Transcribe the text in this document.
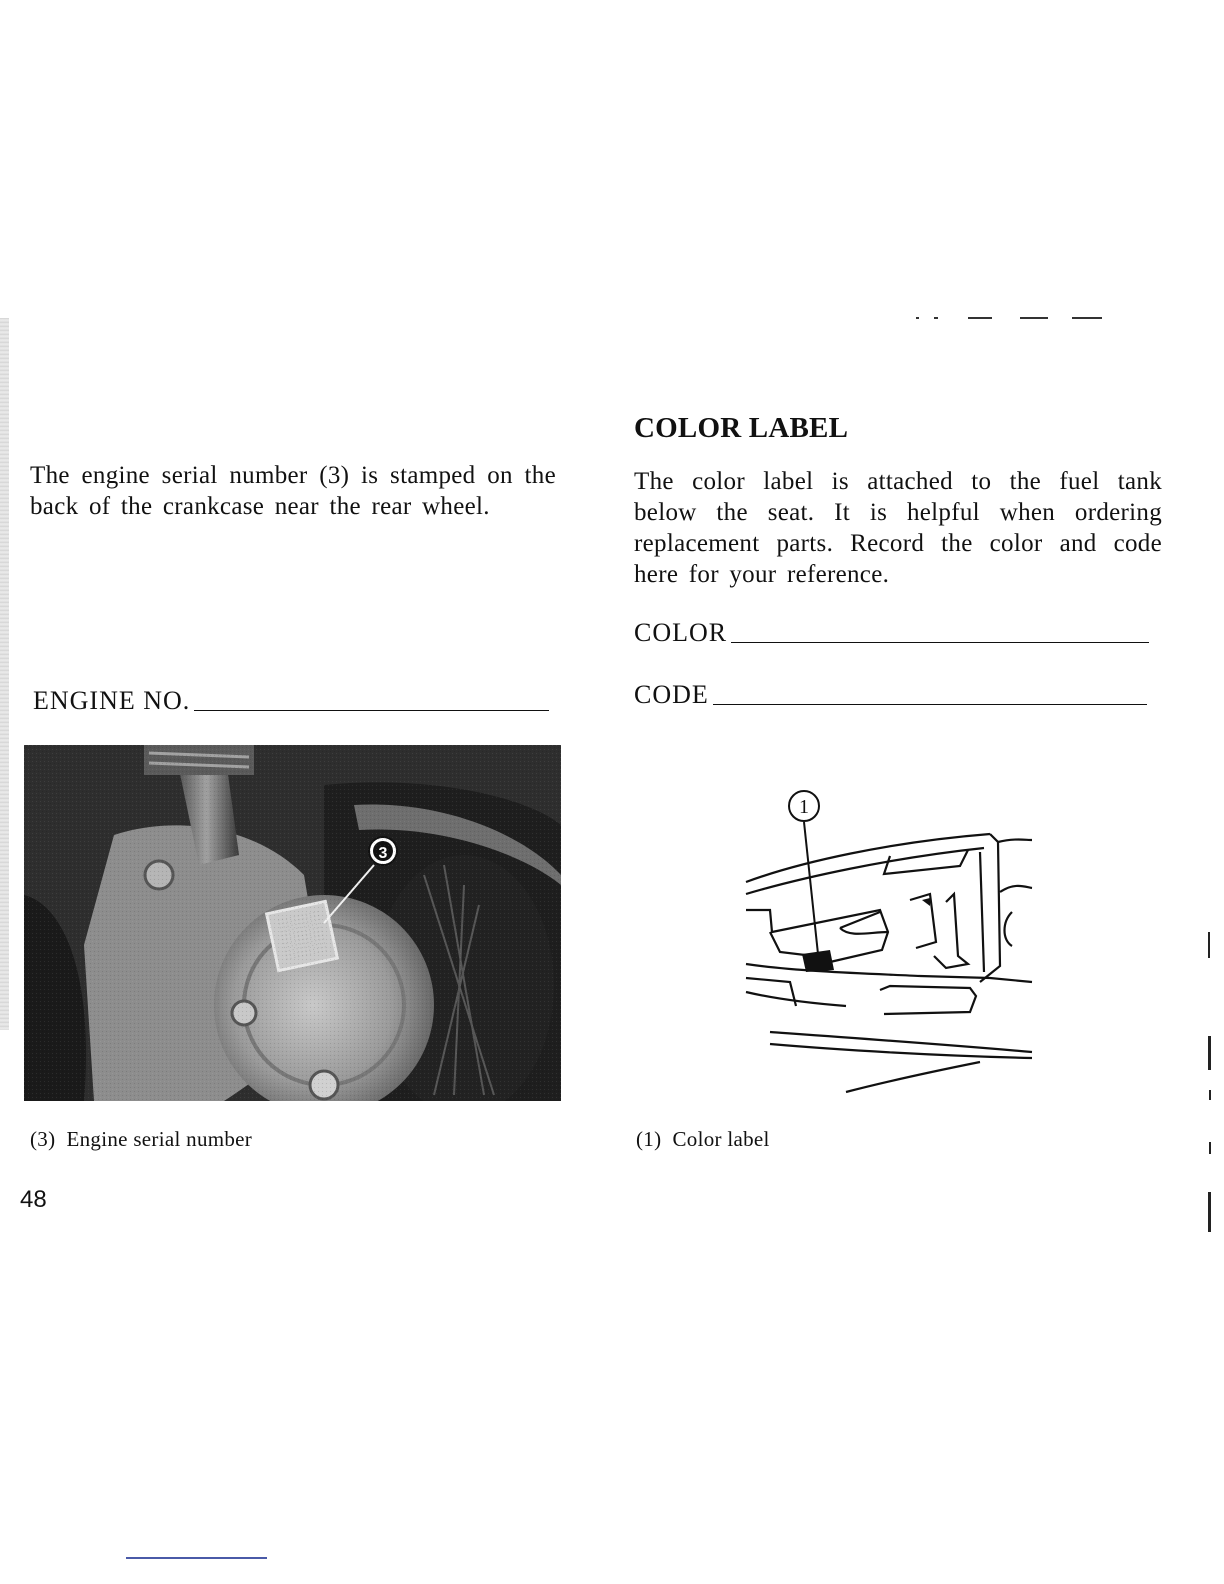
The engine serial number (3) is stamped on the back of the crankcase near the rear wheel.

ENGINE NO.
(3)  Engine serial number
48
COLOR LABEL

The color label is attached to the fuel tank below the seat. It is helpful when ordering replacement parts. Record the color and code here for your reference.

COLOR
CODE
1
(1)  Color label
